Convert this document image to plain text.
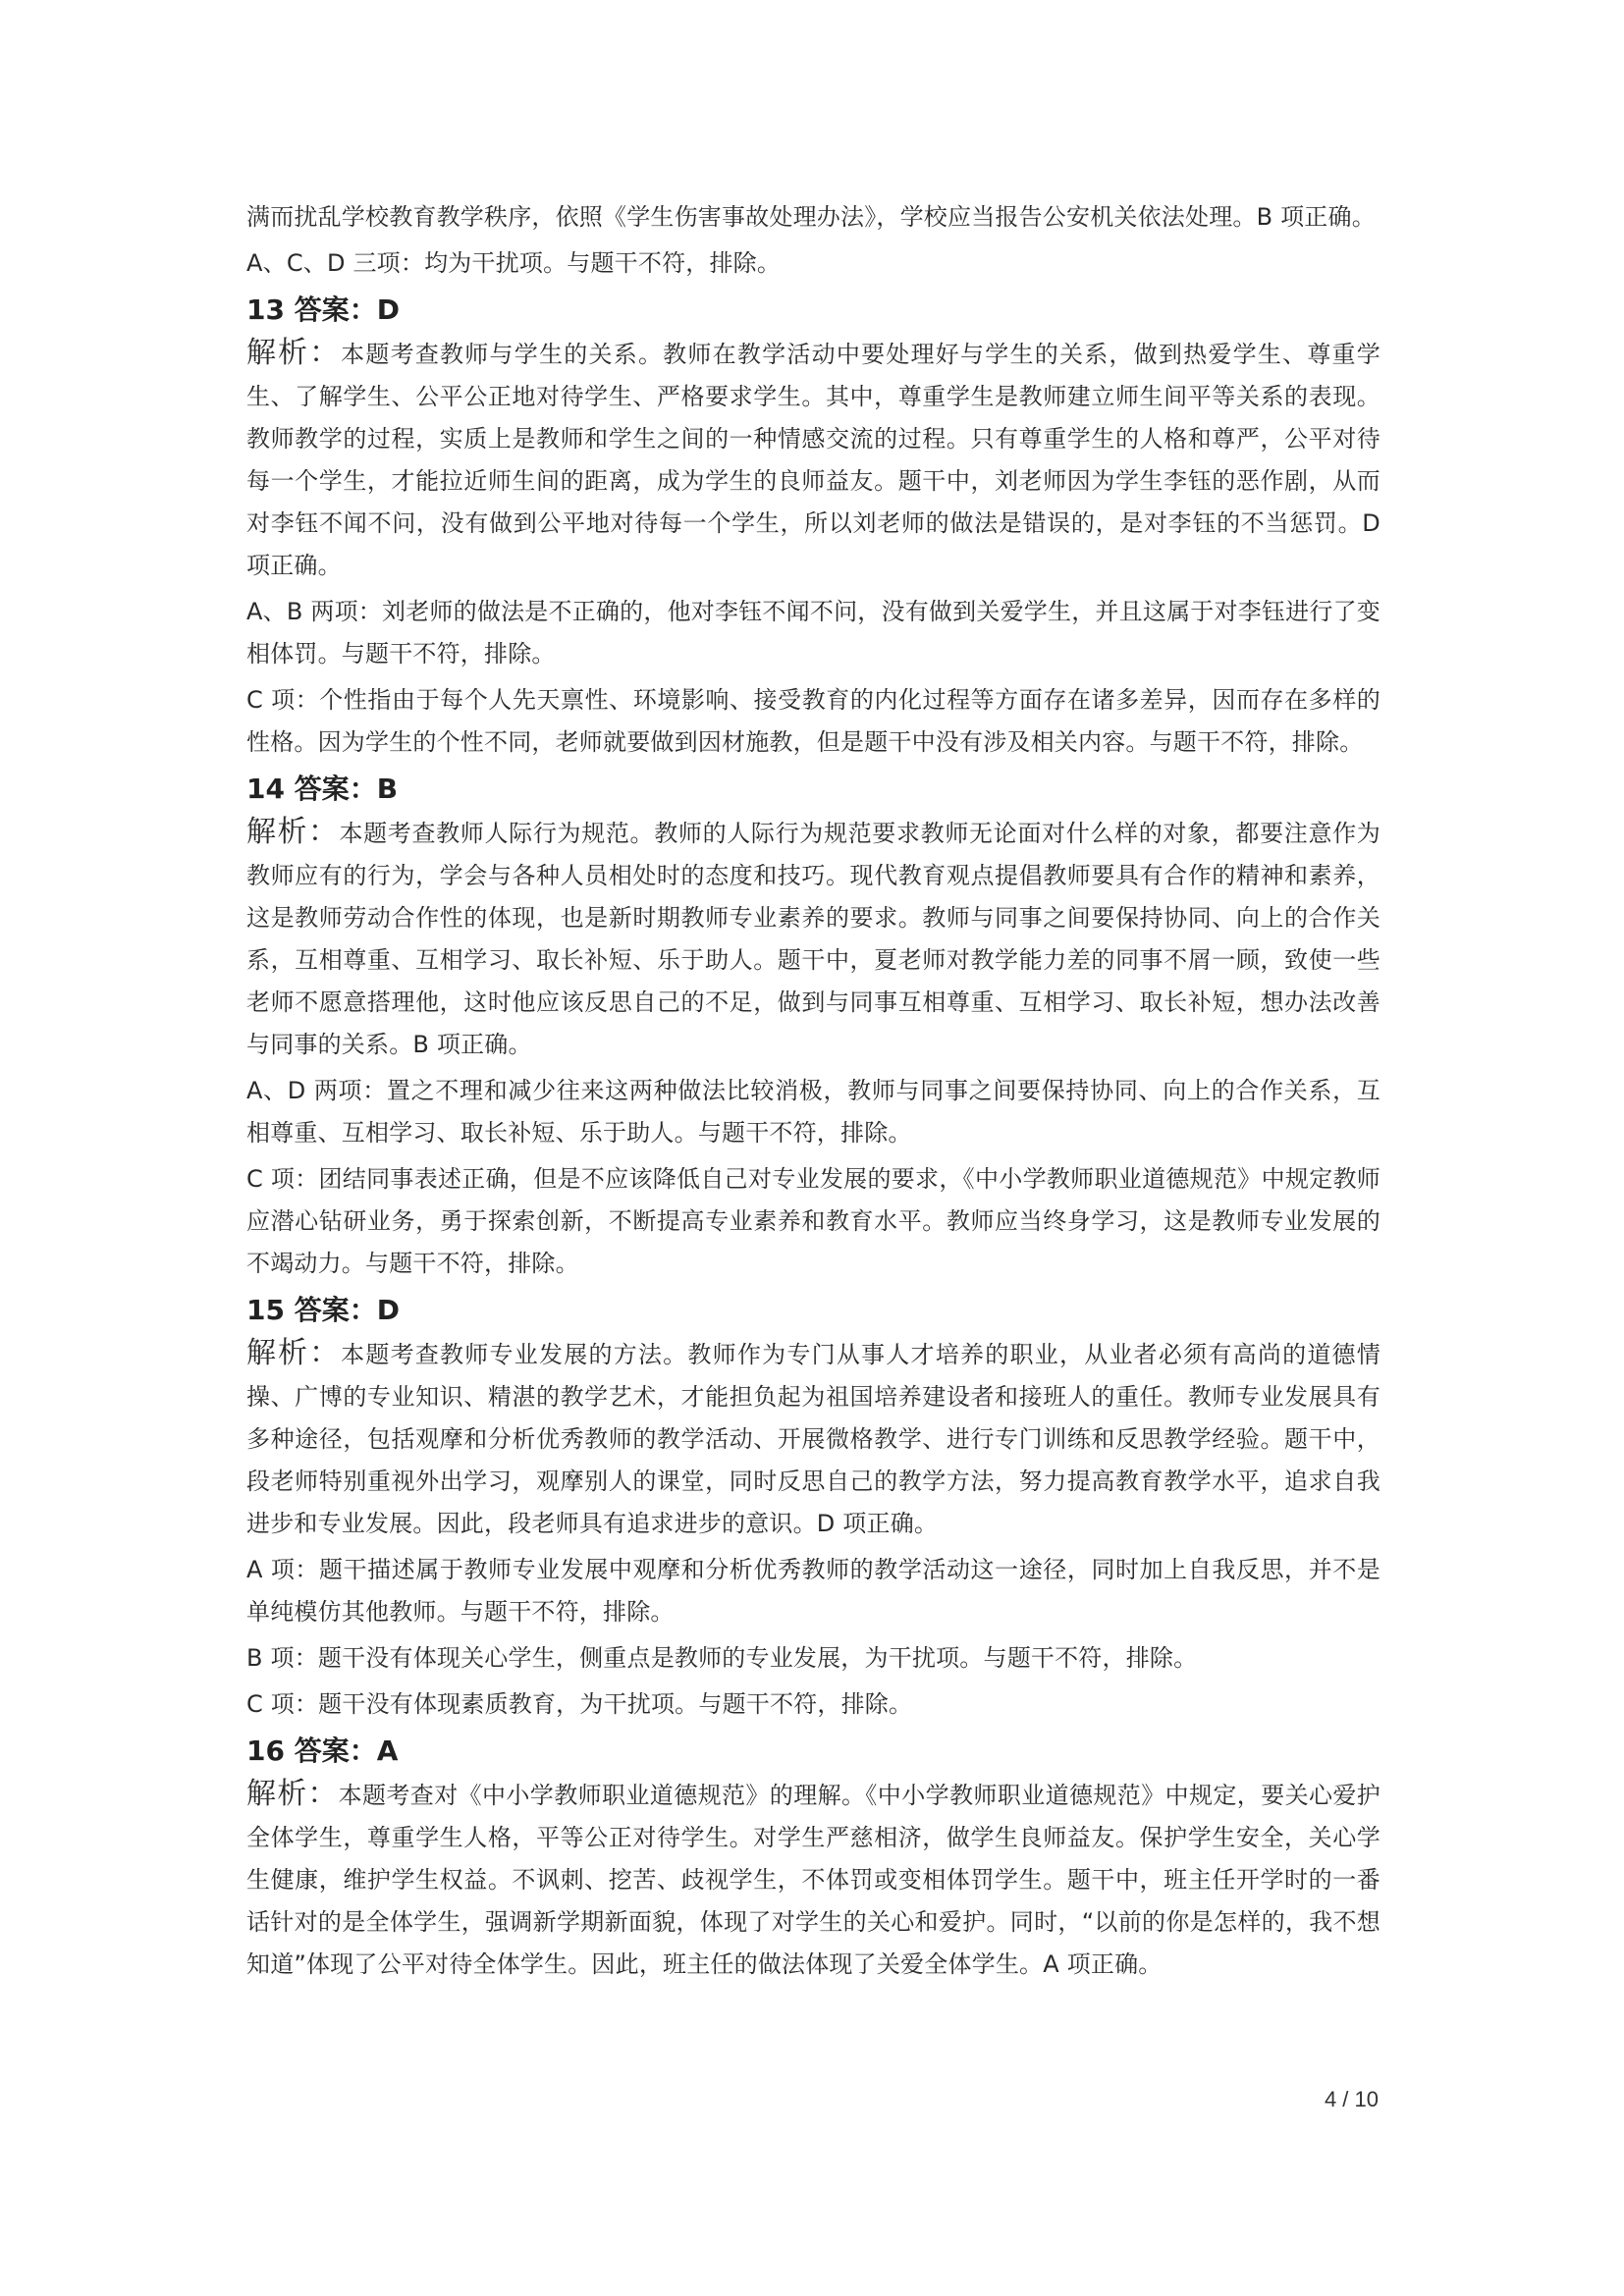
满而扰乱学校教育教学秩序，依照《学生伤害事故处理办法》，学校应当报告公安机关依法处理。B 项正确。

A、C、D 三项：均为干扰项。与题干不符，排除。

13 答案：D

解析：本题考查教师与学生的关系。教师在教学活动中要处理好与学生的关系，做到热爱学生、尊重学生、了解学生、公平公正地对待学生、严格要求学生。其中，尊重学生是教师建立师生间平等关系的表现。教师教学的过程，实质上是教师和学生之间的一种情感交流的过程。只有尊重学生的人格和尊严，公平对待每一个学生，才能拉近师生间的距离，成为学生的良师益友。题干中，刘老师因为学生李钰的恶作剧，从而对李钰不闻不问，没有做到公平地对待每一个学生，所以刘老师的做法是错误的，是对李钰的不当惩罚。D 项正确。

A、B 两项：刘老师的做法是不正确的，他对李钰不闻不问，没有做到关爱学生，并且这属于对李钰进行了变相体罚。与题干不符，排除。

C 项：个性指由于每个人先天禀性、环境影响、接受教育的内化过程等方面存在诸多差异，因而存在多样的性格。因为学生的个性不同，老师就要做到因材施教，但是题干中没有涉及相关内容。与题干不符，排除。

14 答案：B

解析：本题考查教师人际行为规范。教师的人际行为规范要求教师无论面对什么样的对象，都要注意作为教师应有的行为，学会与各种人员相处时的态度和技巧。现代教育观点提倡教师要具有合作的精神和素养，这是教师劳动合作性的体现，也是新时期教师专业素养的要求。教师与同事之间要保持协同、向上的合作关系，互相尊重、互相学习、取长补短、乐于助人。题干中，夏老师对教学能力差的同事不屑一顾，致使一些老师不愿意搭理他，这时他应该反思自己的不足，做到与同事互相尊重、互相学习、取长补短，想办法改善与同事的关系。B 项正确。

A、D 两项：置之不理和减少往来这两种做法比较消极，教师与同事之间要保持协同、向上的合作关系，互相尊重、互相学习、取长补短、乐于助人。与题干不符，排除。

C 项：团结同事表述正确，但是不应该降低自己对专业发展的要求，《中小学教师职业道德规范》中规定教师应潜心钻研业务，勇于探索创新，不断提高专业素养和教育水平。教师应当终身学习，这是教师专业发展的不竭动力。与题干不符，排除。

15 答案：D

解析：本题考查教师专业发展的方法。教师作为专门从事人才培养的职业，从业者必须有高尚的道德情操、广博的专业知识、精湛的教学艺术，才能担负起为祖国培养建设者和接班人的重任。教师专业发展具有多种途径，包括观摩和分析优秀教师的教学活动、开展微格教学、进行专门训练和反思教学经验。题干中，段老师特别重视外出学习，观摩别人的课堂，同时反思自己的教学方法，努力提高教育教学水平，追求自我进步和专业发展。因此，段老师具有追求进步的意识。D 项正确。

A 项：题干描述属于教师专业发展中观摩和分析优秀教师的教学活动这一途径，同时加上自我反思，并不是单纯模仿其他教师。与题干不符，排除。

B 项：题干没有体现关心学生，侧重点是教师的专业发展，为干扰项。与题干不符，排除。

C 项：题干没有体现素质教育，为干扰项。与题干不符，排除。

16 答案：A

解析：本题考查对《中小学教师职业道德规范》的理解。《中小学教师职业道德规范》中规定，要关心爱护全体学生，尊重学生人格，平等公正对待学生。对学生严慈相济，做学生良师益友。保护学生安全，关心学生健康，维护学生权益。不讽刺、挖苦、歧视学生，不体罚或变相体罚学生。题干中，班主任开学时的一番话针对的是全体学生，强调新学期新面貌，体现了对学生的关心和爱护。同时，“以前的你是怎样的，我不想知道”体现了公平对待全体学生。因此，班主任的做法体现了关爱全体学生。A 项正确。

4 / 10
